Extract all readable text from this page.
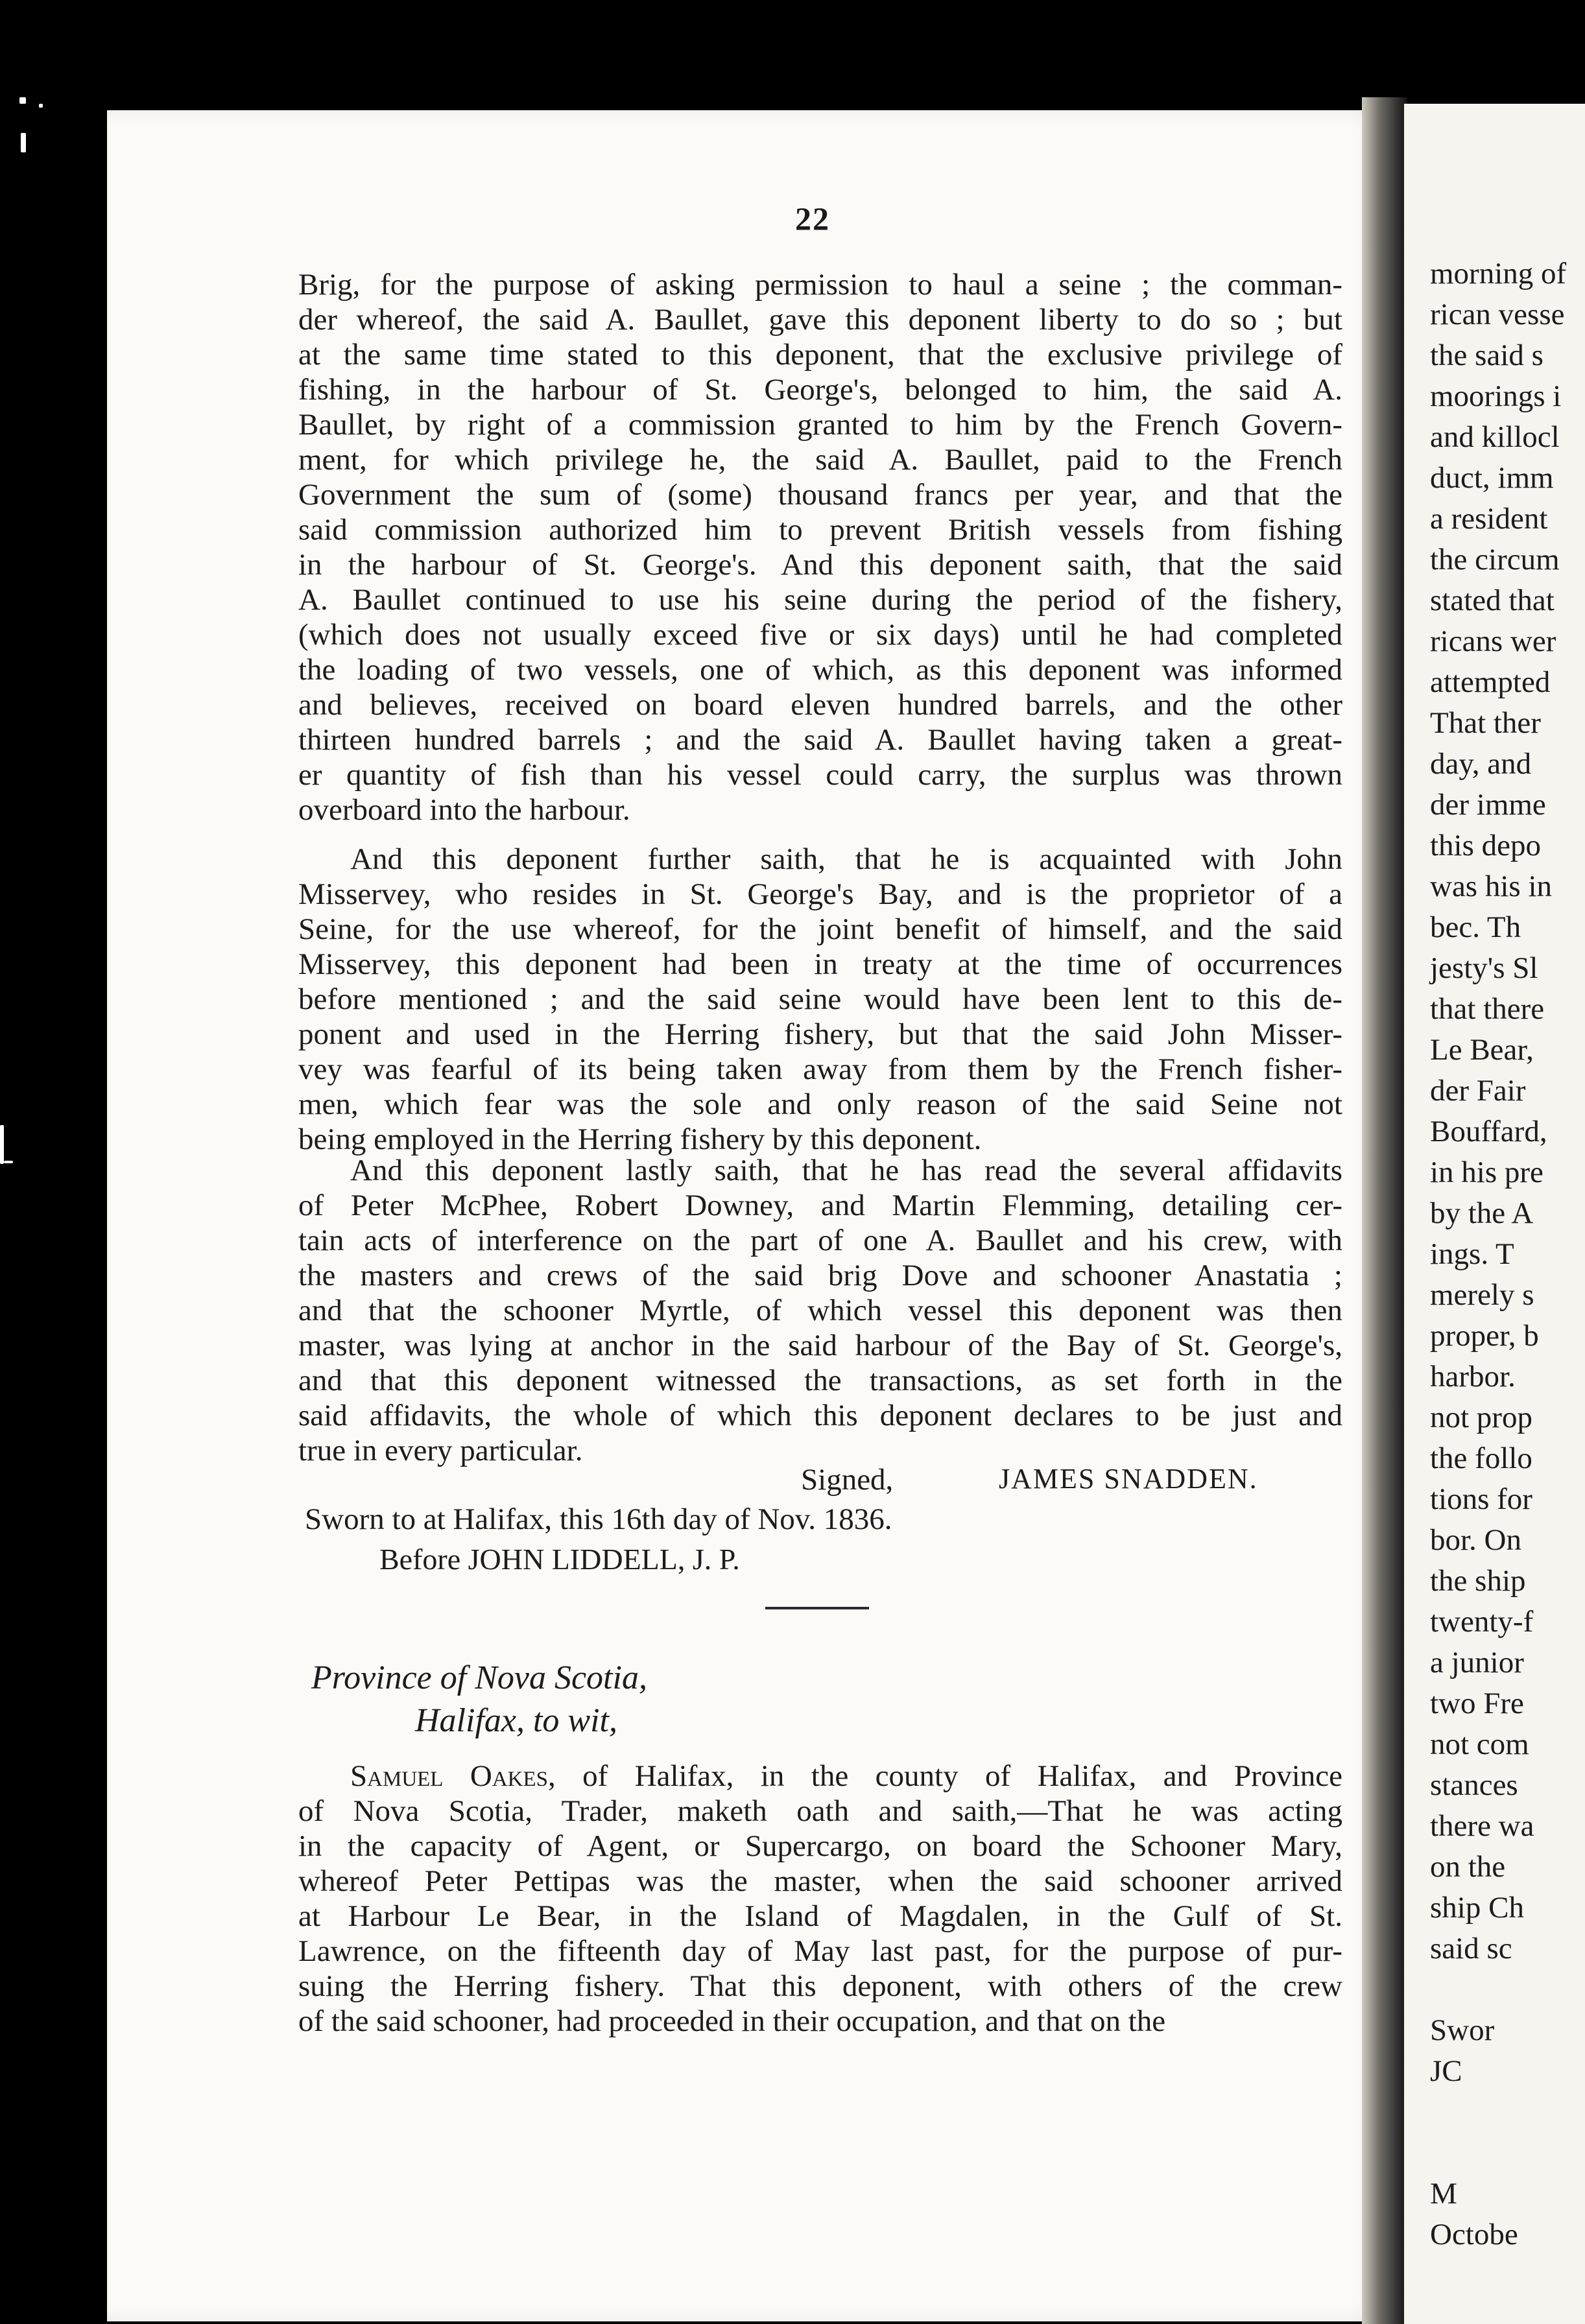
morning of
rican vesse
the said s
moorings i
and killocl
duct, imm
a resident
the circum
stated that
ricans wer
attempted
That ther
day, and
der imme
this depo
was his in
bec. Th
jesty's Sl
that there
Le Bear,
der Fair
Bouffard,
in his pre
by the A
ings. T
merely s
proper, b
harbor.
not prop
the follo
tions for
bor. On
the ship
twenty-f
a junior
two Fre
not com
stances
there wa
on the
ship Ch
said sc
Swor
JC
M
Octobe
22
Signed,	JAMES SNADDEN.
Sworn to at Halifax, this 16th day of Nov. 1836.
Before JOHN LIDDELL, J. P.
Province of Nova Scotia,
Halifax, to wit,
Brig, for the purpose of asking permission to haul a seine ; the comman-
der whereof, the said A. Baullet, gave this deponent liberty to do so ; but
at the same time stated to this deponent, that the exclusive privilege of
fishing, in the harbour of St. George's, belonged to him, the said A.
Baullet, by right of a commission granted to him by the French Govern-
ment, for which privilege he, the said A. Baullet, paid to the French
Government the sum of (some) thousand francs per year, and that the
said commission authorized him to prevent British vessels from fishing
in the harbour of St. George's. And this deponent saith, that the said
A. Baullet continued to use his seine during the period of the fishery,
(which does not usually exceed five or six days) until he had completed
the loading of two vessels, one of which, as this deponent was informed
and believes, received on board eleven hundred barrels, and the other
thirteen hundred barrels ; and the said A. Baullet having taken a great-
er quantity of fish than his vessel could carry, the surplus was thrown
overboard into the harbour.
And this deponent further saith, that he is acquainted with John
Misservey, who resides in St. George's Bay, and is the proprietor of a
Seine, for the use whereof, for the joint benefit of himself, and the said
Misservey, this deponent had been in treaty at the time of occurrences
before mentioned ; and the said seine would have been lent to this de-
ponent and used in the Herring fishery, but that the said John Misser-
vey was fearful of its being taken away from them by the French fisher-
men, which fear was the sole and only reason of the said Seine not
being employed in the Herring fishery by this deponent.
And this deponent lastly saith, that he has read the several affidavits
of Peter McPhee, Robert Downey, and Martin Flemming, detailing cer-
tain acts of interference on the part of one A. Baullet and his crew, with
the masters and crews of the said brig Dove and schooner Anastatia ;
and that the schooner Myrtle, of which vessel this deponent was then
master, was lying at anchor in the said harbour of the Bay of St. George's,
and that this deponent witnessed the transactions, as set forth in the
said affidavits, the whole of which this deponent declares to be just and
true in every particular.
Samuel Oakes, of Halifax, in the county of Halifax, and Province
of Nova Scotia, Trader, maketh oath and saith,—That he was acting
in the capacity of Agent, or Supercargo, on board the Schooner Mary,
whereof Peter Pettipas was the master, when the said schooner arrived
at Harbour Le Bear, in the Island of Magdalen, in the Gulf of St.
Lawrence, on the fifteenth day of May last past, for the purpose of pur-
suing the Herring fishery. That this deponent, with others of the crew
of the said schooner, had proceeded in their occupation, and that on the
